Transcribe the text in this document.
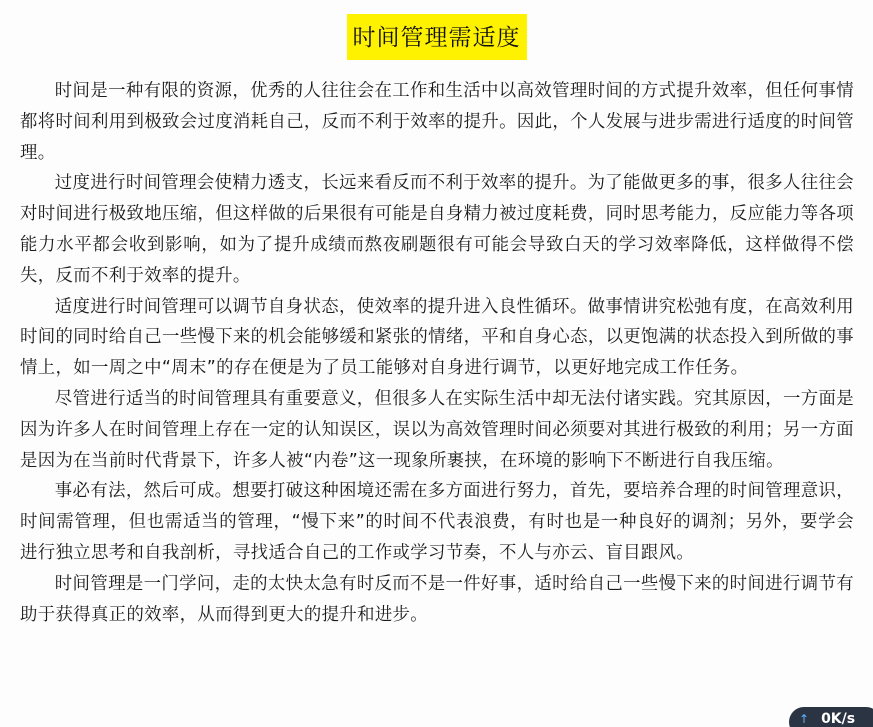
时间管理需适度

时间是一种有限的资源，优秀的人往往会在工作和生活中以高效管理时间的方式提升效率，但任何事情都将时间利用到极致会过度消耗自己，反而不利于效率的提升。因此，个人发展与进步需进行适度的时间管理。

过度进行时间管理会使精力透支，长远来看反而不利于效率的提升。为了能做更多的事，很多人往往会对时间进行极致地压缩，但这样做的后果很有可能是自身精力被过度耗费，同时思考能力，反应能力等各项能力水平都会收到影响，如为了提升成绩而熬夜刷题很有可能会导致白天的学习效率降低，这样做得不偿失，反而不利于效率的提升。

适度进行时间管理可以调节自身状态，使效率的提升进入良性循环。做事情讲究松弛有度，在高效利用时间的同时给自己一些慢下来的机会能够缓和紧张的情绪，平和自身心态，以更饱满的状态投入到所做的事情上，如一周之中“周末”的存在便是为了员工能够对自身进行调节，以更好地完成工作任务。

尽管进行适当的时间管理具有重要意义，但很多人在实际生活中却无法付诸实践。究其原因，一方面是因为许多人在时间管理上存在一定的认知误区，误以为高效管理时间必须要对其进行极致的利用；另一方面是因为在当前时代背景下，许多人被“内卷”这一现象所裹挟，在环境的影响下不断进行自我压缩。

事必有法，然后可成。想要打破这种困境还需在多方面进行努力，首先，要培养合理的时间管理意识，时间需管理，但也需适当的管理，“慢下来”的时间不代表浪费，有时也是一种良好的调剂；另外，要学会进行独立思考和自我剖析，寻找适合自己的工作或学习节奏，不人与亦云、盲目跟风。

时间管理是一门学问，走的太快太急有时反而不是一件好事，适时给自己一些慢下来的时间进行调节有助于获得真正的效率，从而得到更大的提升和进步。

↑ 0K/s
